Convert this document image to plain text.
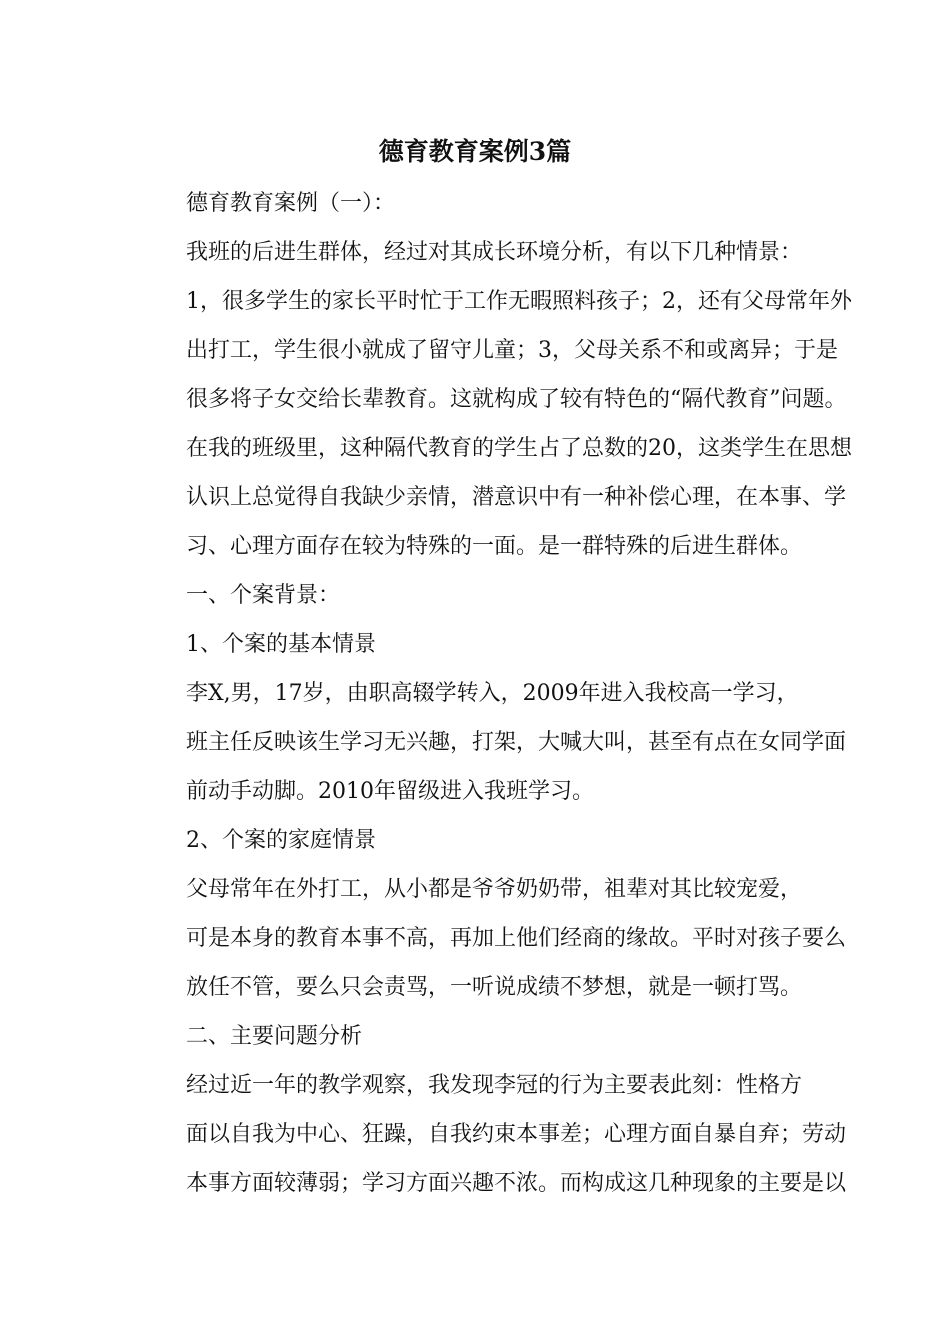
德育教育案例3篇

德育教育案例（一）：

我班的后进生群体，经过对其成长环境分析，有以下几种情景：
1，很多学生的家长平时忙于工作无暇照料孩子；2，还有父母常年外
出打工，学生很小就成了留守儿童；3，父母关系不和或离异；于是
很多将子女交给长辈教育。这就构成了较有特色的“隔代教育”问题。
在我的班级里，这种隔代教育的学生占了总数的20，这类学生在思想
认识上总觉得自我缺少亲情，潜意识中有一种补偿心理，在本事、学
习、心理方面存在较为特殊的一面。是一群特殊的后进生群体。

一、个案背景：

1、个案的基本情景

李X,男，17岁，由职高辍学转入，2009年进入我校高一学习，
班主任反映该生学习无兴趣，打架，大喊大叫，甚至有点在女同学面
前动手动脚。2010年留级进入我班学习。

2、个案的家庭情景

父母常年在外打工，从小都是爷爷奶奶带，祖辈对其比较宠爱，
可是本身的教育本事不高，再加上他们经商的缘故。平时对孩子要么
放任不管，要么只会责骂，一听说成绩不梦想，就是一顿打骂。

二、主要问题分析

经过近一年的教学观察，我发现李冠的行为主要表此刻：性格方
面以自我为中心、狂躁，自我约束本事差；心理方面自暴自弃；劳动
本事方面较薄弱；学习方面兴趣不浓。而构成这几种现象的主要是以
